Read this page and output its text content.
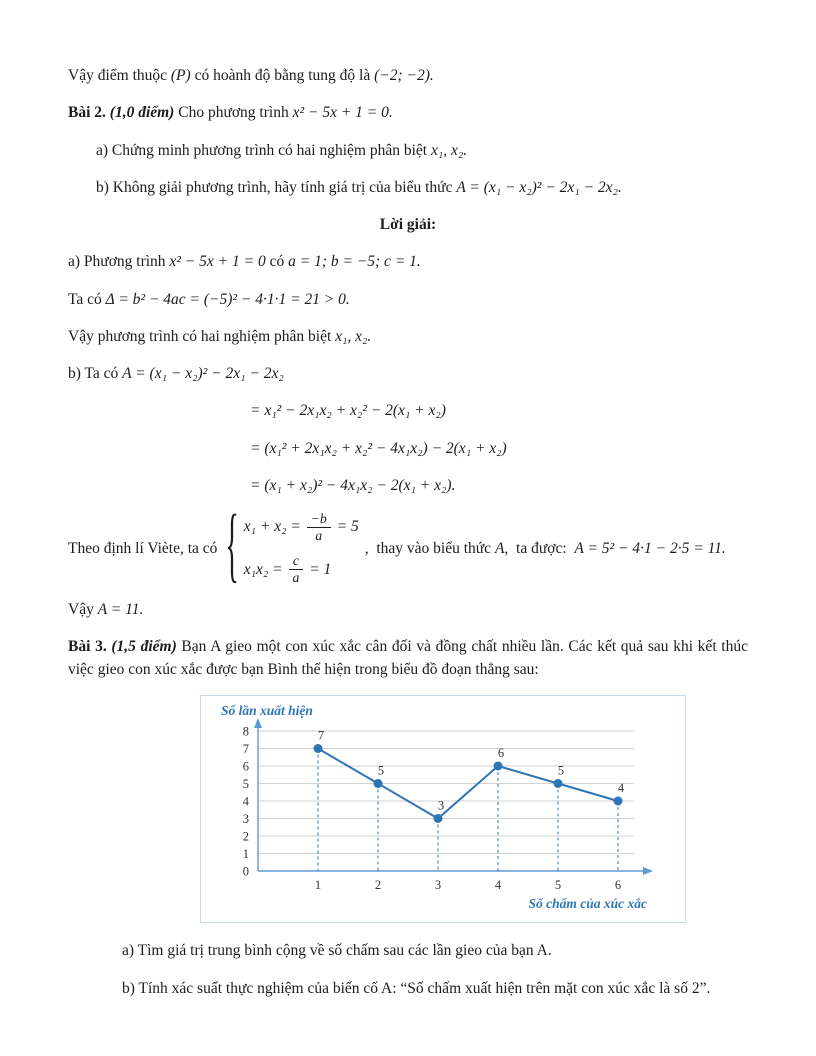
Vậy điểm thuộc (P) có hoành độ bằng tung độ là (−2; −2).

Bài 2. (1,0 điểm) Cho phương trình x² − 5x + 1 = 0.

a) Chứng minh phương trình có hai nghiệm phân biệt x₁, x₂.

b) Không giải phương trình, hãy tính giá trị của biểu thức A = (x₁ − x₂)² − 2x₁ − 2x₂.

Lời giải:

a) Phương trình x² − 5x + 1 = 0 có a = 1; b = −5; c = 1.

Ta có Δ = b² − 4ac = (−5)² − 4·1·1 = 21 > 0.

Vậy phương trình có hai nghiệm phân biệt x₁, x₂.

b) Ta có A = (x₁ − x₂)² − 2x₁ − 2x₂

= x₁² − 2x₁x₂ + x₂² − 2(x₁ + x₂)

= (x₁² + 2x₁x₂ + x₂² − 4x₁x₂) − 2(x₁ + x₂)

= (x₁ + x₂)² − 4x₁x₂ − 2(x₁ + x₂).

Theo định lí Viète, ta có { $x_1 + x_2 = \frac{-b}{a} = 5$
$x_1x_2 = \frac{c}{a} = 1$
,  thay vào biểu thức A, ta được: A = 5² − 4·1 − 2·5 = 11.

Vậy A = 11.

Bài 3. (1,5 điểm) Bạn A gieo một con xúc xắc cân đối và đồng chất nhiều lần. Các kết quả sau khi kết thúc việc gieo con xúc xắc được bạn Bình thể hiện trong biểu đồ đoạn thẳng sau:

0
1
2
3
4
5
6
7
8
1	2	3	4	5	6
7
5
3
6
5
4
Số lần xuất hiện
Số chấm của xúc xắc

a) Tìm giá trị trung bình cộng về số chấm sau các lần gieo của bạn A.

b) Tính xác suất thực nghiệm của biến cố A: “Số chấm xuất hiện trên mặt con xúc xắc là số 2”.
